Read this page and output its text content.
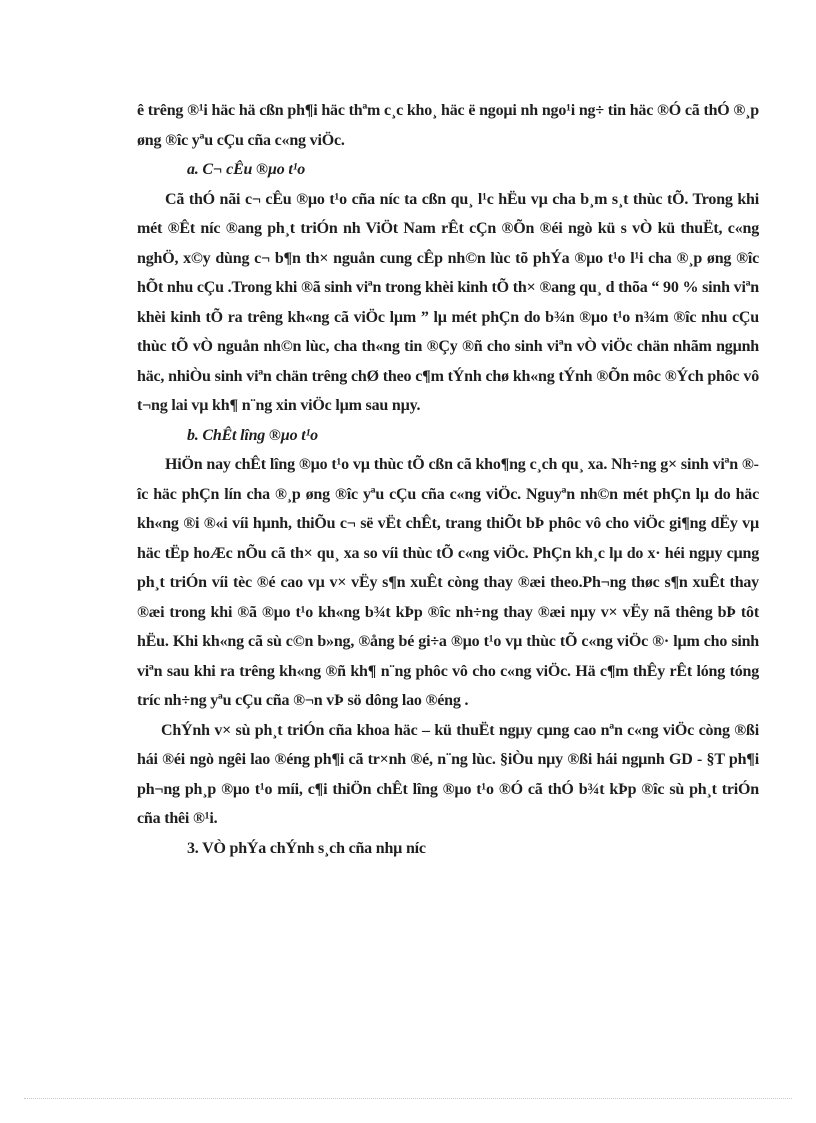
ê trêng ®¹i häc hä cßn ph¶i häc thªm c¸c kho¸ häc ë ngoµi nh ngo¹i ng÷ tin häc ®Ó cã thÓ ®¸p øng ®îc yªu cÇu cña c«ng viÖc.

a. C¬ cÊu ®µo t¹o

Cã thÓ nãi c¬ cÊu ®µo t¹o cña níc ta cßn qu¸ l¹c hËu vµ cha b¸m s¸t thùc tÕ. Trong khi mét ®Êt níc ®ang ph¸t triÓn nh ViÖt Nam rÊt cÇn ®Õn ®éi ngò kü s vÒ kü thuËt, c«ng nghÖ, x©y dùng c¬ b¶n th× nguån cung cÊp nh©n lùc tõ phÝa ®µo t¹o l¹i cha ®¸p øng ®îc hÕt nhu cÇu .Trong khi ®ã sinh viªn trong khèi kinh tÕ th× ®ang qu¸ d thõa “ 90 % sinh viªn khèi kinh tÕ ra trêng kh«ng cã viÖc lµm ” lµ mét phÇn do b¾n ®µo t¹o n¾m ®îc nhu cÇu thùc tÕ vÒ nguån nh©n lùc, cha th«ng tin ®Çy ®ñ cho sinh viªn vÒ viÖc chän nhãm ngµnh häc, nhiÒu sinh viªn chän trêng chØ theo c¶m tÝnh chø kh«ng tÝnh ®Õn môc ®Ých phôc vô t¬ng lai vµ kh¶ n¨ng xin viÖc lµm sau nµy.

b. ChÊt lîng ®µo t¹o

HiÖn nay chÊt lîng ®µo t¹o vµ thùc tÕ cßn cã kho¶ng c¸ch qu¸ xa. Nh÷ng g× sinh viªn ®îc häc phÇn lín cha ®¸p øng ®îc yªu cÇu cña c«ng viÖc. Nguyªn nh©n mét phÇn lµ do häc kh«ng ®i ®«i víi hµnh, thiÕu c¬ së vËt chÊt, trang thiÕt bÞ phôc vô cho viÖc gi¶ng dËy vµ häc tËp hoÆc nÕu cã th× qu¸ xa so víi thùc tÕ c«ng viÖc. PhÇn kh¸c lµ do x· héi ngµy cµng ph¸t triÓn víi tèc ®é cao vµ v× vËy s¶n xuÊt còng thay ®æi theo.Ph¬ng thøc s¶n xuÊt thay ®æi trong khi ®ã ®µo t¹o kh«ng b¾t kÞp ®îc nh÷ng thay ®æi nµy v× vËy nã thêng bÞ tôt hËu. Khi kh«ng cã sù c©n b»ng, ®ång bé gi÷a ®µo t¹o vµ thùc tÕ c«ng viÖc ®· lµm cho sinh viªn sau khi ra trêng kh«ng ®ñ kh¶ n¨ng phôc vô cho c«ng viÖc. Hä c¶m thÊy rÊt lóng tóng tríc nh÷ng yªu cÇu cña ®¬n vÞ sö dông lao ®éng .

ChÝnh v× sù ph¸t triÓn cña khoa häc – kü thuËt ngµy cµng cao nªn c«ng viÖc còng ®ßi hái ®éi ngò ngêi lao ®éng ph¶i cã tr×nh ®é, n¨ng lùc. §iÒu nµy ®ßi hái ngµnh GD - §T ph¶i ph¬ng ph¸p ®µo t¹o míi, c¶i thiÖn chÊt lîng ®µo t¹o ®Ó cã thÓ b¾t kÞp ®îc sù ph¸t triÓn cña thêi ®¹i.

3. VÒ phÝa chÝnh s¸ch cña nhµ níc
